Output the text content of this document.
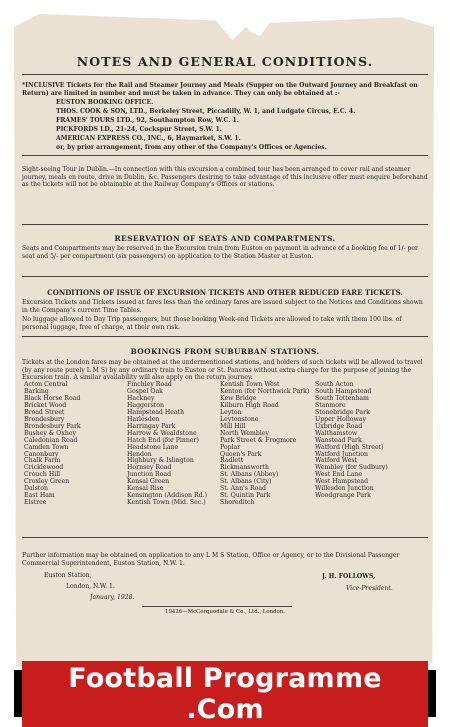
NOTES AND GENERAL CONDITIONS.
*INCLUSIVE Tickets for the Rail and Steamer Journey and Meals (Supper on the Outward Journey and Breakfast on Return) are limited in number and must be taken in advance. They can only be obtained at :-
EUSTON BOOKING OFFICE.
THOS. COOK & SON, LTD., Berkeley Street, Piccadilly, W. 1, and Ludgate Circus, E.C. 4.
FRAMES' TOURS LTD., 92, Southampton Row, W.C. 1.
PICKFORDS LD., 21-24, Cockspur Street, S.W. 1.
AMERICAN EXPRESS CO., INC., 6, Haymarket, S.W. 1.
or, by prior arrangement, from any other of the Company's Offices or Agencies.
Sight-seeing Tour in Dublin.—In connection with this excursion a combined tour has been arranged to cover rail and steamer journey, meals en route, drive in Dublin, &c. Passengers desiring to take advantage of this inclusive offer must enquire beforehand as the tickets will not be obtainable at the Railway Company's Offices or stations.
RESERVATION OF SEATS AND COMPARTMENTS.
Seats and Compartments may be reserved in the Excursion train from Euston on payment in advance of a booking fee of 1/- per seat and 5/- per compartment (six passengers) on application to the Station Master at Euston.
CONDITIONS OF ISSUE OF EXCURSION TICKETS AND OTHER REDUCED FARE TICKETS.
Excursion Tickets and Tickets issued at fares less than the ordinary fares are issued subject to the Notices and Conditions shown in the Company's current Time Tables.
No luggage allowed to Day Trip passengers, but those booking Week-end Tickets are allowed to take with them 100 lbs. of personal luggage, free of charge, at their own risk.
BOOKINGS FROM SUBURBAN STATIONS.
Tickets at the London fares may be obtained at the undermentioned stations, and holders of such tickets will be allowed to travel (by any route purely L M S) by any ordinary train to Euston or St. Pancras without extra charge for the purpose of joining the Excursion train. A similar availability will also apply on the return journey.
Acton Central
Barking
Black Horse Road
Bricket Wood
Broad Street
Brondesbury
Brondesbury Park
Bushey & Oxhey
Caledonian Road
Camden Town
Canonbury
Chalk Farm
Cricklewood
Crouch Hill
Croxley Green
Dalston
East Ham
Elstree
Finchley Road
Gospel Oak
Hackney
Haggerston
Hampstead Heath
Harlesden
Harringay Park
Harrow & Wealdstone
Hatch End (for Pinner)
Headstone Lane
Hendon
Highbury & Islington
Hornsey Road
Junction Road
Kensal Green
Kensal Rise
Kensington (Addison Rd.)
Kentish Town (Mid. Sec.)
Kentish Town West
Kenton (for Northwick Park)
Kew Bridge
Kilburn High Road
Leyton
Leytonstone
Mill Hill
North Wembley
Park Street & Frogmore
Poplar
Queen's Park
Radlett
Rickmansworth
St. Albans (Abbey)
St. Albans (City)
St. Ann's Road
St. Quintin Park
Shoreditch
South Acton
South Hampstead
South Tottenham
Stanmore
Stonebridge Park
Upper Holloway
Uxbridge Road
Walthamstow
Wanstead Park
Watford (High Street)
Watford Junction
Watford West
Wembley (for Sudbury)
West End Lane
West Hampstead
Willesden Junction
Woodgrange Park
Further information may be obtained on application to any L M S Station, Office or Agency, or to the Divisional Passenger Commercial Superintendent, Euston Station, N.W. 1.
Euston Station,
London, N.W. 1.
January, 1928.
J. H. FOLLOWS,
Vice-President.
19426—McCorquodale & Co., Ltd., London.
Football Programme .Com
